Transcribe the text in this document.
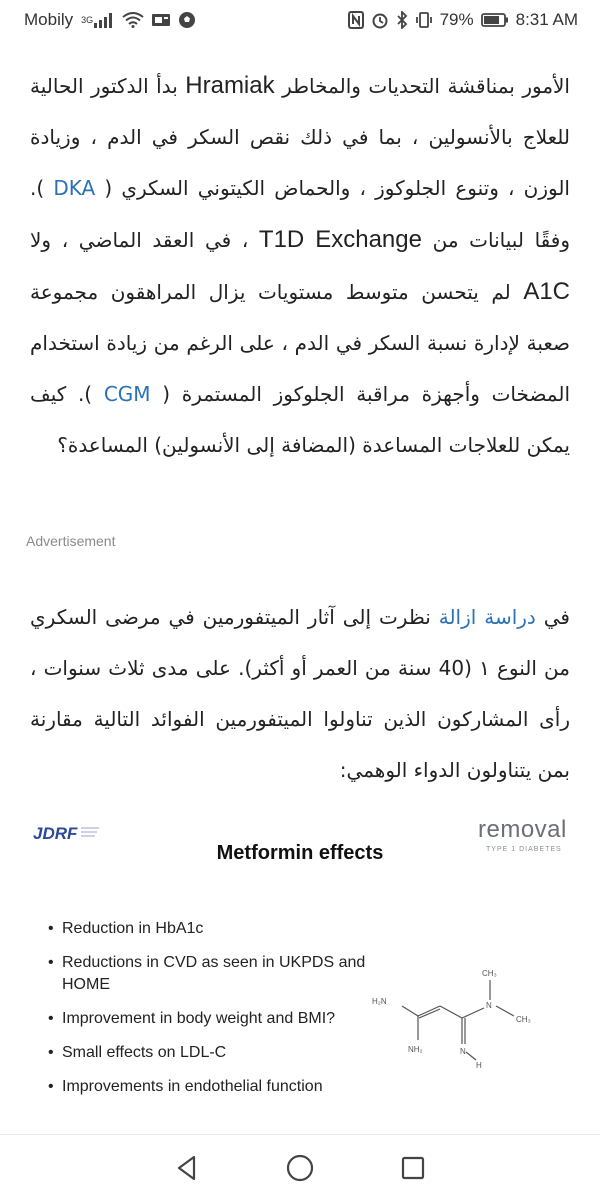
Mobily 3G	79% 8:31 AM

الأمور بمناقشة التحديات والمخاطر Hramiak بدأ الدكتور الحالية للعلاج بالأنسولين ، بما في ذلك نقص السكر في الدم ، وزيادة الوزن ، وتنوع الجلوكوز ، والحماض الكيتوني السكري ( DKA ). وفقًا لبيانات من T1D Exchange ، في العقد الماضي ، ولا A1C لم يتحسن متوسط مستويات يزال المراهقون مجموعة صعبة لإدارة نسبة السكر في الدم ، على الرغم من زيادة استخدام المضخات وأجهزة مراقبة الجلوكوز المستمرة ( CGM ). كيف يمكن للعلاجات المساعدة (المضافة إلى الأنسولين) المساعدة؟

Advertisement

في دراسة ازالة نظرت إلى آثار الميتفورمين في مرضى السكري من النوع ١ (40 سنة من العمر أو أكثر). على مدى ثلاث سنوات ، رأى المشاركون الذين تناولوا الميتفورمين الفوائد التالية مقارنة بمن يتناولون الدواء الوهمي:

JDRF	removal
TYPE 1 DIABETES
Metformin effects
• Reduction in HbA1c
• Reductions in CVD as seen in UKPDS and HOME
• Improvement in body weight and BMI?
• Small effects on LDL-C
• Improvements in endothelial function
H₂N
CH₃
N
CH₃
NH₂	N
H
